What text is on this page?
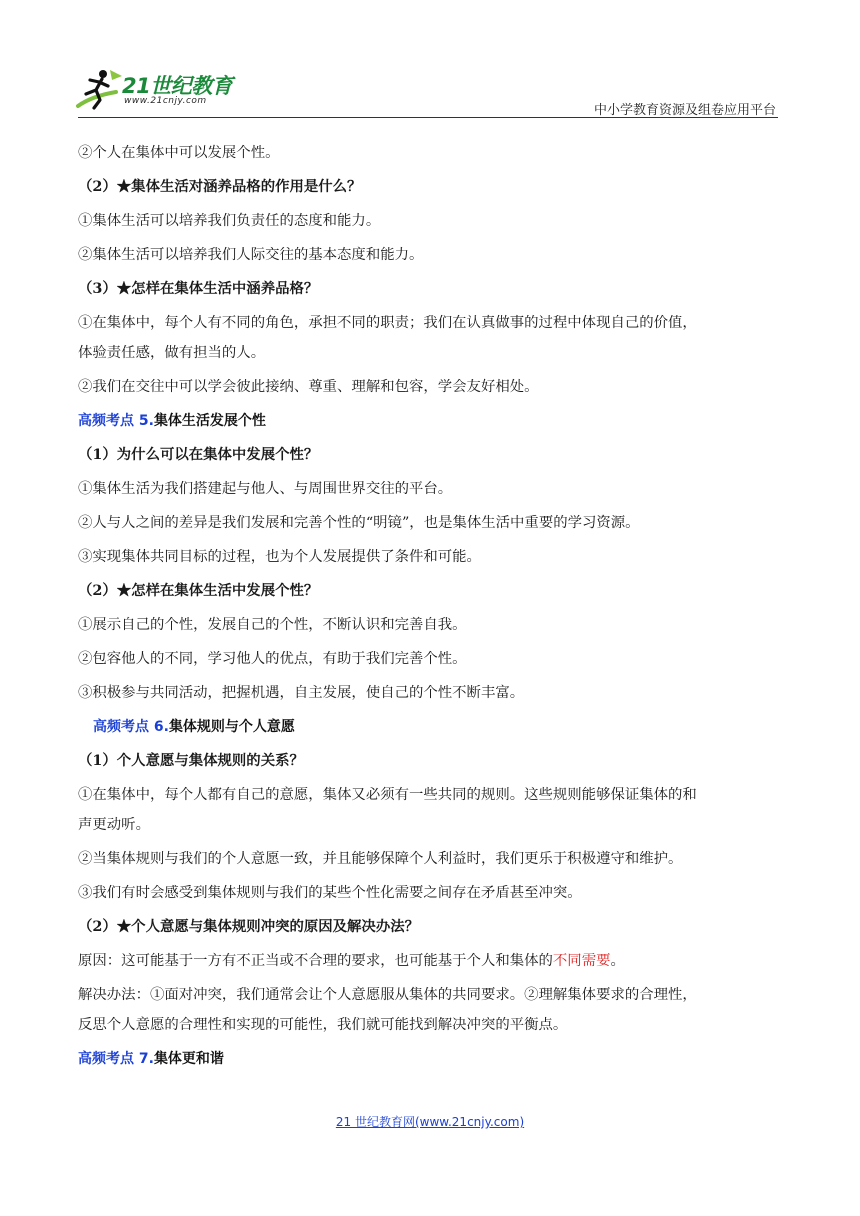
21世纪教育
www.21cnjy.com
中小学教育资源及组卷应用平台

②个人在集体中可以发展个性。

（2）★集体生活对涵养品格的作用是什么？

①集体生活可以培养我们负责任的态度和能力。

②集体生活可以培养我们人际交往的基本态度和能力。

（3）★怎样在集体生活中涵养品格？

①在集体中，每个人有不同的角色，承担不同的职责；我们在认真做事的过程中体现自己的价值，

体验责任感，做有担当的人。

②我们在交往中可以学会彼此接纳、尊重、理解和包容，学会友好相处。

高频考点 5.集体生活发展个性

（1）为什么可以在集体中发展个性？

①集体生活为我们搭建起与他人、与周围世界交往的平台。

②人与人之间的差异是我们发展和完善个性的“明镜”，也是集体生活中重要的学习资源。

③实现集体共同目标的过程，也为个人发展提供了条件和可能。

（2）★怎样在集体生活中发展个性？

①展示自己的个性，发展自己的个性，不断认识和完善自我。

②包容他人的不同，学习他人的优点，有助于我们完善个性。

③积极参与共同活动，把握机遇，自主发展，使自己的个性不断丰富。

高频考点 6.集体规则与个人意愿

（1）个人意愿与集体规则的关系？

①在集体中，每个人都有自己的意愿，集体又必须有一些共同的规则。这些规则能够保证集体的和

声更动听。

②当集体规则与我们的个人意愿一致，并且能够保障个人利益时，我们更乐于积极遵守和维护。

③我们有时会感受到集体规则与我们的某些个性化需要之间存在矛盾甚至冲突。

（2）★个人意愿与集体规则冲突的原因及解决办法？

原因：这可能基于一方有不正当或不合理的要求，也可能基于个人和集体的不同需要。

解决办法：①面对冲突，我们通常会让个人意愿服从集体的共同要求。②理解集体要求的合理性，

反思个人意愿的合理性和实现的可能性，我们就可能找到解决冲突的平衡点。

高频考点 7.集体更和谐

21 世纪教育网(www.21cnjy.com)
